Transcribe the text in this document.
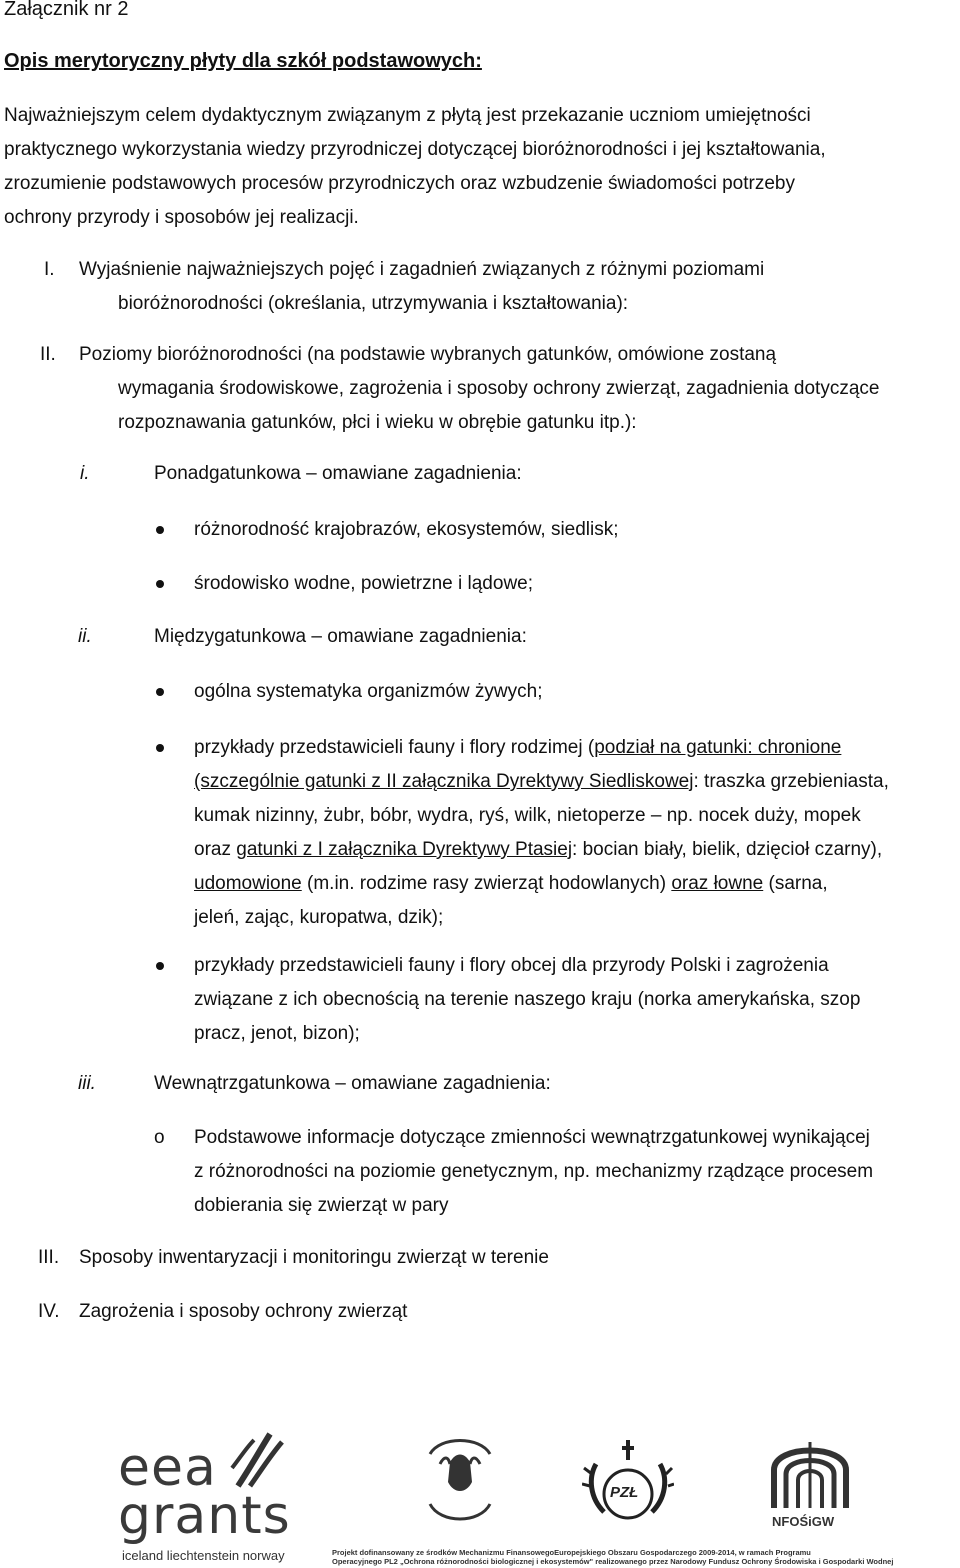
Załącznik nr 2
Opis merytoryczny płyty dla szkół podstawowych:
Najważniejszym celem dydaktycznym związanym z płytą jest przekazanie uczniom umiejętności
praktycznego wykorzystania wiedzy przyrodniczej dotyczącej bioróżnorodności i jej kształtowania,
zrozumienie podstawowych procesów przyrodniczych oraz wzbudzenie świadomości potrzeby
ochrony przyrody i sposobów jej realizacji.
I. Wyjaśnienie najważniejszych pojęć i zagadnień związanych z różnymi poziomami
bioróżnorodności (określania, utrzymywania i kształtowania):
II. Poziomy bioróżnorodności (na podstawie wybranych gatunków, omówione zostaną
wymagania środowiskowe, zagrożenia i sposoby ochrony zwierząt, zagadnienia dotyczące
rozpoznawania gatunków, płci i wieku w obrębie gatunku itp.):
i.	Ponadgatunkowa – omawiane zagadnienia:
różnorodność krajobrazów, ekosystemów, siedlisk;
środowisko wodne, powietrzne i lądowe;
ii.	Międzygatunkowa – omawiane zagadnienia:
ogólna systematyka organizmów żywych;
przykłady przedstawicieli fauny i flory rodzimej (podział na gatunki: chronione
(szczególnie gatunki z II załącznika Dyrektywy Siedliskowej: traszka grzebieniasta,
kumak nizinny, żubr, bóbr, wydra, ryś, wilk, nietoperze – np. nocek duży, mopek
oraz gatunki z I załącznika Dyrektywy Ptasiej: bocian biały, bielik, dzięcioł czarny),
udomowione (m.in. rodzime rasy zwierząt hodowlanych) oraz łowne (sarna,
jeleń, zając, kuropatwa, dzik);
przykłady przedstawicieli fauny i flory obcej dla przyrody Polski i zagrożenia
związane z ich obecnością na terenie naszego kraju (norka amerykańska, szop
pracz, jenot, bizon);
iii.	Wewnątrzgatunkowa – omawiane zagadnienia:
o Podstawowe informacje dotyczące zmienności wewnątrzgatunkowej wynikającej
z różnorodności na poziomie genetycznym, np. mechanizmy rządzące procesem
dobierania się zwierząt w pary
III. Sposoby inwentaryzacji i monitoringu zwierząt w terenie
IV. Zagrożenia i sposoby ochrony zwierząt
eea
grants
iceland liechtenstein norway
PZŁ
NFOŚiGW
Projekt dofinansowany ze środków Mechanizmu FinansowegoEuropejskiego Obszaru Gospodarczego 2009-2014, w ramach Programu
Operacyjnego PL2 „Ochrona różnorodności biologicznej i ekosystemów" realizowanego przez Narodowy Fundusz Ochrony Środowiska i Gospodarki Wodnej
